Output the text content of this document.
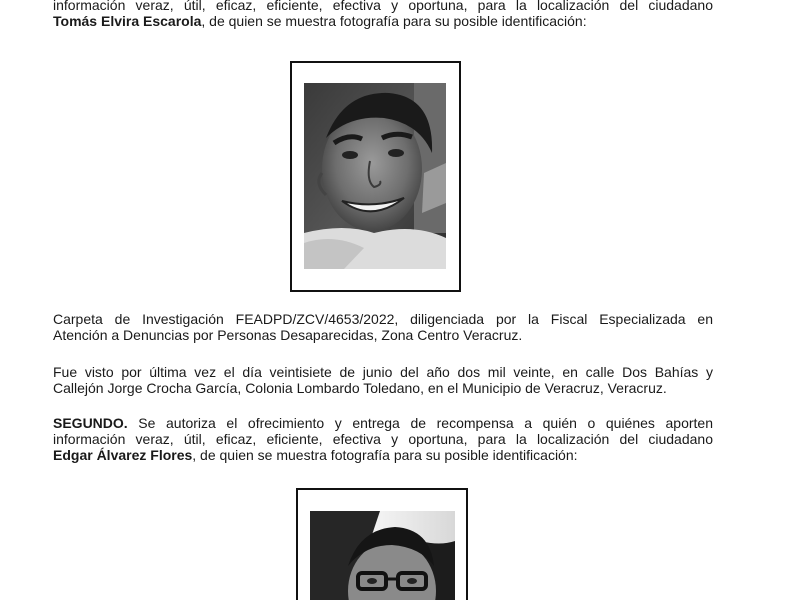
información veraz, útil, eficaz, eficiente, efectiva y oportuna, para la localización del ciudadano
Tomás Elvira Escarola, de quien se muestra fotografía para su posible identificación:

Carpeta de Investigación FEADPD/ZCV/4653/2022, diligenciada por la Fiscal Especializada en
Atención a Denuncias por Personas Desaparecidas, Zona Centro Veracruz.

Fue visto por última vez el día veintisiete de junio del año dos mil veinte, en calle Dos Bahías y
Callejón Jorge Crocha García, Colonia Lombardo Toledano, en el Municipio de Veracruz, Veracruz.

SEGUNDO. Se autoriza el ofrecimiento y entrega de recompensa a quién o quiénes aporten
información veraz, útil, eficaz, eficiente, efectiva y oportuna, para la localización del ciudadano
Edgar Álvarez Flores, de quien se muestra fotografía para su posible identificación:
